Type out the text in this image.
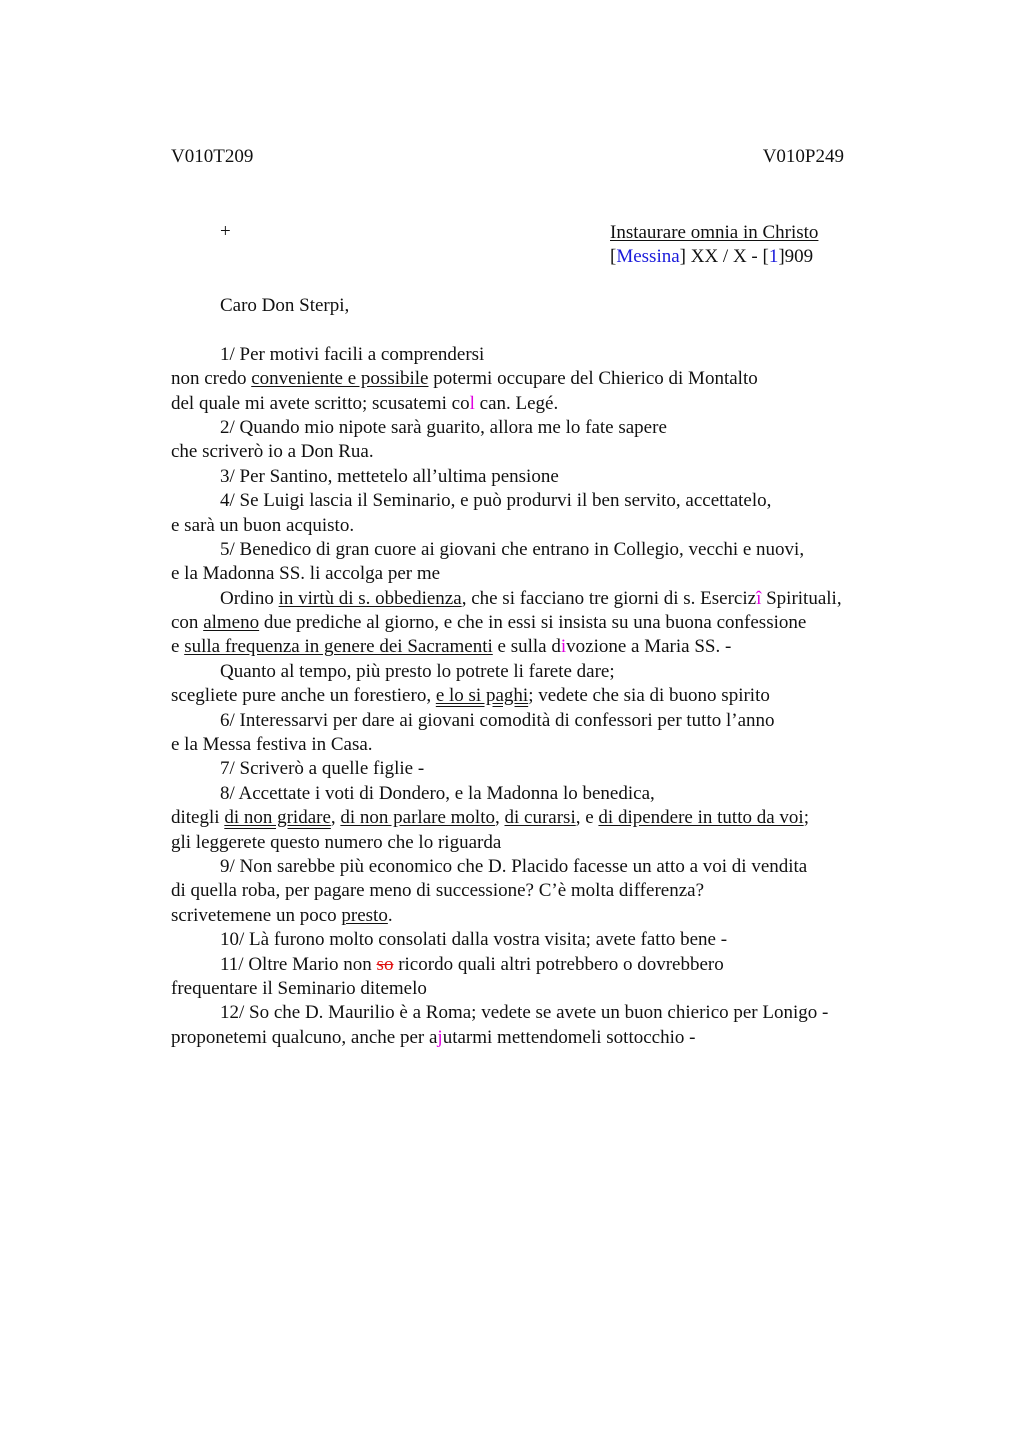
V010T209	V010P249
+	Instaurare omnia in Christo
[Messina] XX / X - [1]909
Caro Don Sterpi,
1/ Per motivi facili a comprendersi
non credo conveniente e possibile potermi occupare del Chierico di Montalto
del quale mi avete scritto; scusatemi col can. Legé.
2/ Quando mio nipote sarà guarito, allora me lo fate sapere
che scriverò io a Don Rua.
3/ Per Santino, mettetelo all’ultima pensione
4/ Se Luigi lascia il Seminario, e può produrvi il ben servito, accettatelo,
e sarà un buon acquisto.
5/ Benedico di gran cuore ai giovani che entrano in Collegio, vecchi e nuovi,
e la Madonna SS. li accolga per me
Ordino in virtù di s. obbedienza, che si facciano tre giorni di s. Esercizî Spirituali,
con almeno due prediche al giorno, e che in essi si insista su una buona confessione
e sulla frequenza in genere dei Sacramenti e sulla divozione a Maria SS. -
Quanto al tempo, più presto lo potrete li farete dare;
scegliete pure anche un forestiero, e lo si paghi; vedete che sia di buono spirito
6/ Interessarvi per dare ai giovani comodità di confessori per tutto l’anno
e la Messa festiva in Casa.
7/ Scriverò a quelle figlie -
8/ Accettate i voti di Dondero, e la Madonna lo benedica,
ditegli di non gridare, di non parlare molto, di curarsi, e di dipendere in tutto da voi;
gli leggerete questo numero che lo riguarda
9/ Non sarebbe più economico che D. Placido facesse un atto a voi di vendita
di quella roba, per pagare meno di successione? C’è molta differenza?
scrivetemene un poco presto.
10/ Là furono molto consolati dalla vostra visita; avete fatto bene -
11/ Oltre Mario non so ricordo quali altri potrebbero o dovrebbero
frequentare il Seminario ditemelo
12/ So che D. Maurilio è a Roma; vedete se avete un buon chierico per Lonigo -
proponetemi qualcuno, anche per ajutarmi mettendomeli sottocchio -
